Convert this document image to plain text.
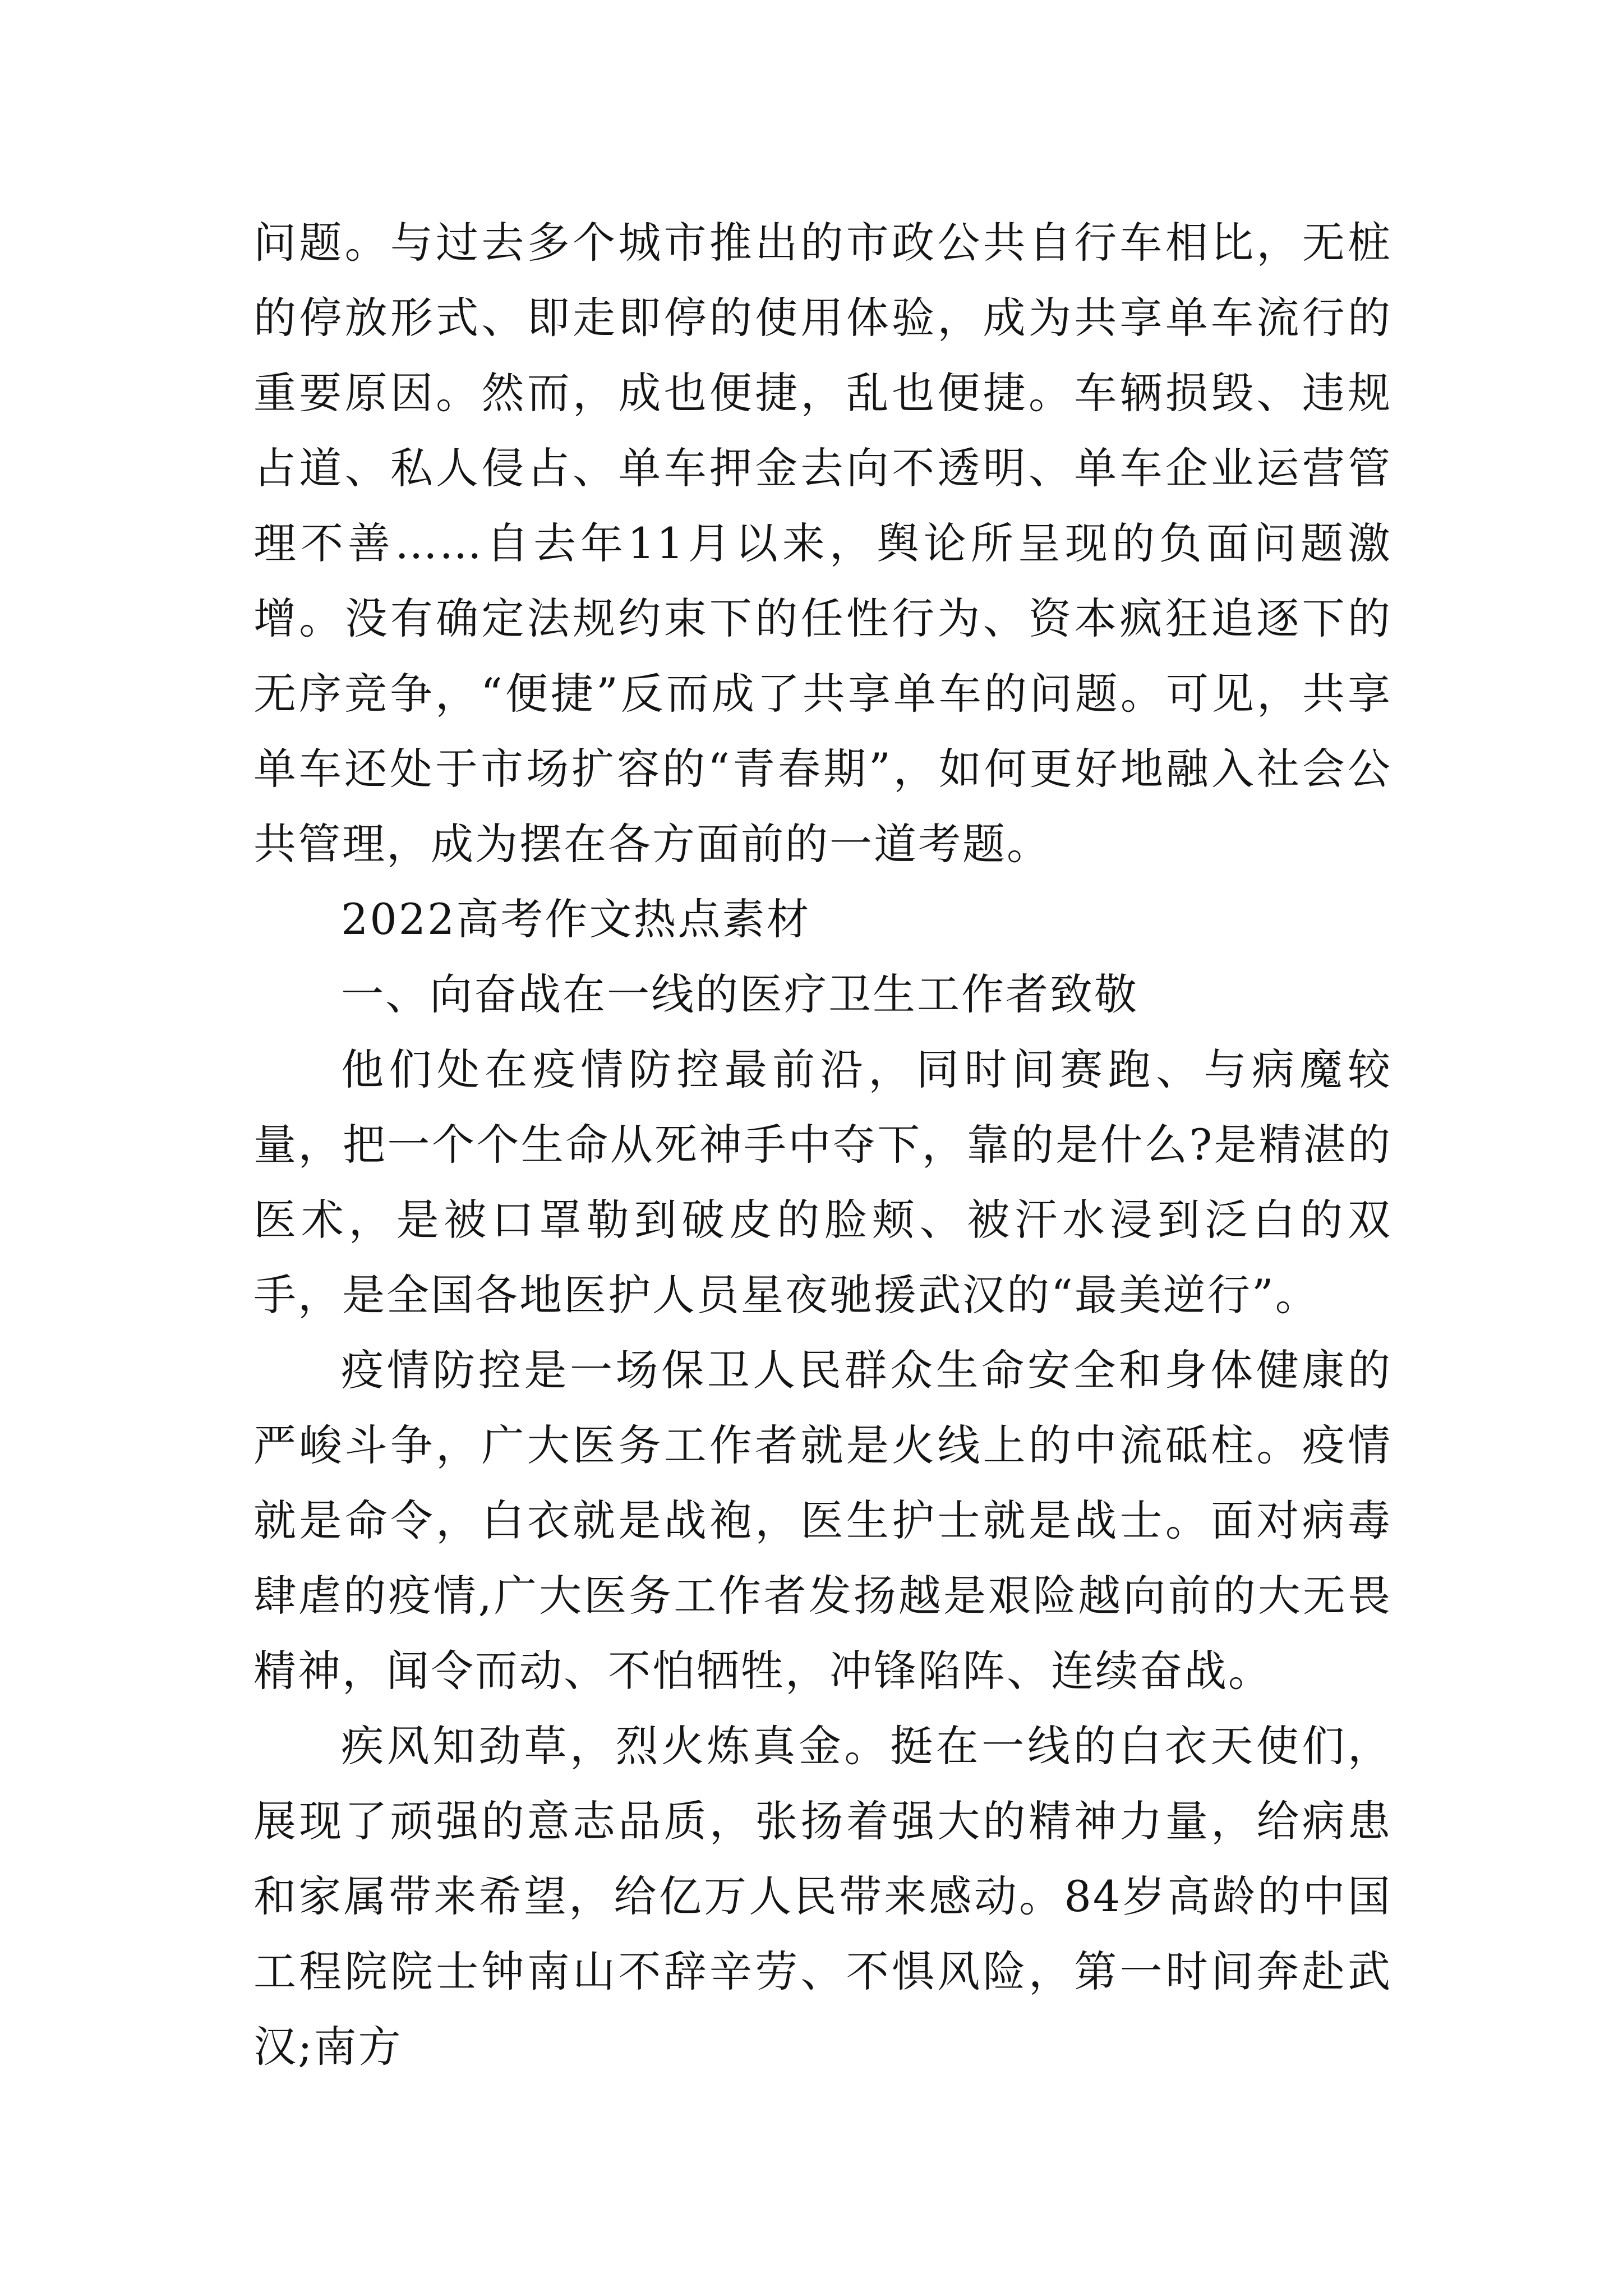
问题。与过去多个城市推出的市政公共自行车相比，无桩的停放形式、即走即停的使用体验，成为共享单车流行的重要原因。然而，成也便捷，乱也便捷。车辆损毁、违规占道、私人侵占、单车押金去向不透明、单车企业运营管理不善……自去年11月以来，舆论所呈现的负面问题激增。没有确定法规约束下的任性行为、资本疯狂追逐下的无序竞争，“便捷”反而成了共享单车的问题。可见，共享单车还处于市场扩容的“青春期”，如何更好地融入社会公共管理，成为摆在各方面前的一道考题。

2022高考作文热点素材

一、向奋战在一线的医疗卫生工作者致敬

他们处在疫情防控最前沿，同时间赛跑、与病魔较量，把一个个生命从死神手中夺下，靠的是什么?是精湛的医术，是被口罩勒到破皮的脸颊、被汗水浸到泛白的双手，是全国各地医护人员星夜驰援武汉的“最美逆行”。

疫情防控是一场保卫人民群众生命安全和身体健康的严峻斗争，广大医务工作者就是火线上的中流砥柱。疫情就是命令，白衣就是战袍，医生护士就是战士。面对病毒肆虐的疫情,广大医务工作者发扬越是艰险越向前的大无畏精神，闻令而动、不怕牺牲，冲锋陷阵、连续奋战。

疾风知劲草，烈火炼真金。挺在一线的白衣天使们，展现了顽强的意志品质，张扬着强大的精神力量，给病患和家属带来希望，给亿万人民带来感动。84岁高龄的中国工程院院士钟南山不辞辛劳、不惧风险，第一时间奔赴武汉;南方
